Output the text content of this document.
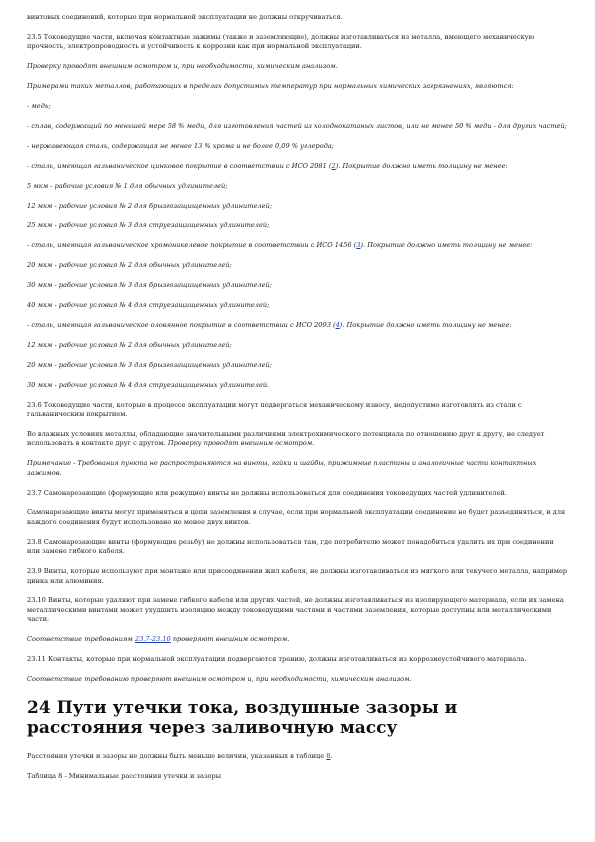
винтовых соединений, которые при нормальной эксплуатации не должны откручиваться.

23.5 Токоведущие части, включая контактные зажимы (также и заземляющие), должны изготавливаться из металла, имеющего механическую прочность, электропроводность и устойчивость к коррозии как при нормальной эксплуатации.

Проверку проводят внешним осмотром и, при необходимости, химическим анализом.

Примерами таких металлов, работающих в пределах допустимых температур при нормальных химических загрязнениях, являются:

- медь;

- сплав, содержащий по меньшей мере 58 % меди, для изготовления частей из холоднокатаных листов, или не менее 50 % меди - для других частей;

- нержавеющая сталь, содержащая не менее 13 % хрома и не более 0,09 % углерода;

- сталь, имеющая гальваническое цинковое покрытие в соответствии с ИСО 2081 (2). Покрытие должно иметь толщину не менее:

5 мкм - рабочие условия № 1 для обычных удлинителей;

12 мкм - рабочие условия № 2 для брызгозащищенных удлинителей;

25 мкм - рабочие условия № 3 для струезащищенных удлинителей;

- сталь, имеющая гальваническое хромоникелевое покрытие в соответствии с ИСО 1456 (3). Покрытие должно иметь толщину не менее:

20 мкм - рабочие условия № 2 для обычных удлинителей;

30 мкм - рабочие условия № 3 для брызгозащищенных удлинителей;

40 мкм - рабочие условия № 4 для струезащищенных удлинителей;

- сталь, имеющая гальваническое оловянное покрытие в соответствии с ИСО 2093 (4). Покрытие должно иметь толщину не менее:

12 мкм - рабочие условия № 2 для обычных удлинителей;

20 мкм - рабочие условия № 3 для брызгозащищенных удлинителей;

30 мкм - рабочие условия № 4 для струезащищенных удлинителей.

23.6 Токоведущие части, которые в процессе эксплуатации могут подвергаться механическому износу, недопустимо изготовлять из стали с гальваническим покрытием.

Во влажных условиях металлы, обладающие значительными различиями электрохимического потенциала по отношению друг к другу, не следует использовать в контакте друг с другом. Проверку проводят внешним осмотром.

Примечание - Требования пункта не распространяются на винты, гайки и шайбы, прижимные пластины и аналогичные части контактных зажимов.

23.7 Самонарезающие (формующие или режущие) винты не должны использоваться для соединения токоведущих частей удлинителей.

Самонарезающие винты могут применяться в цепи заземления в случае, если при нормальной эксплуатации соединение не будет разъединяться, и для каждого соединения будут использовано не менее двух винтов.

23.8 Самонарезающие винты (формующие резьбу) не должны использоваться там, где потребителю может понадобиться удалить их при соединении или замене гибкого кабеля.

23.9 Винты, которые используют при монтаже или присоединении жил кабеля, не должны изготавливаться из мягкого или текучего металла, например цинка или алюминия.

23.10 Винты, которые удаляют при замене гибкого кабеля или других частей, не должны изготавливаться из изолирующего материала, если их замена металлическими винтами может ухудшить изоляцию между токоведущими частями и частями заземления, которые доступны или металлическими части.

Соответствие требованиям 23.7-23.10 проверяют внешним осмотром.

23.11 Контакты, которые при нормальной эксплуатации подвергаются трению, должны изготавливаться из коррозиеустойчивого материала.

Соответствие требованию проверяют внешним осмотром и, при необходимости, химическим анализом.

24 Пути утечки тока, воздушные зазоры и расстояния через заливочную массу

Расстояния утечки и зазоры не должны быть меньше величин, указанных в таблице 8.

Таблица 8 - Минимальные расстояния утечки и зазоры
